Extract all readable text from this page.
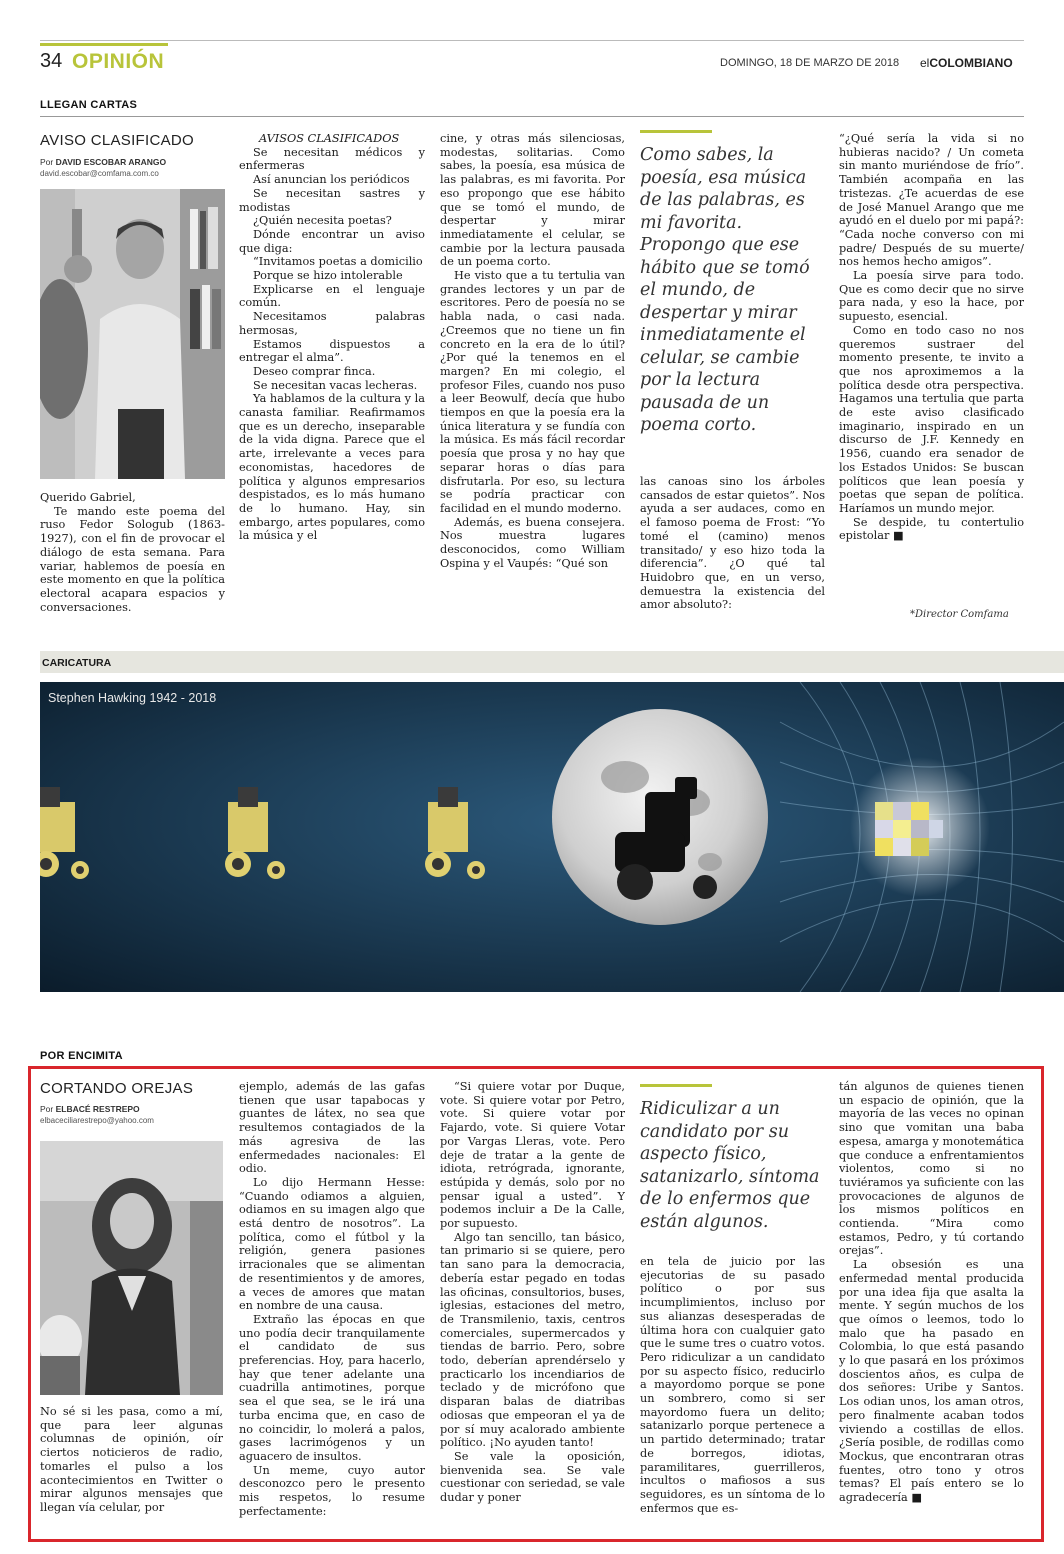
34 OPINIÓN	DOMINGO, 18 DE MARZO DE 2018 elCOLOMBIANO
LLEGAN CARTAS
AVISO CLASIFICADO
Por DAVID ESCOBAR ARANGO
david.escobar@comfama.com.co

Querido Gabriel,

Te mando este poema del ruso Fedor Sologub (1863-1927), con el fin de provocar el diálogo de esta semana. Para variar, hablemos de poesía en este momento en que la política electoral acapara espacios y conversaciones.

AVISOS CLASIFICADOS

Se necesitan médicos y enfermeras

Así anuncian los periódicos

Se necesitan sastres y modistas

¿Quién necesita poetas?

Dónde encontrar un aviso que diga:

“Invitamos poetas a domicilio

Porque se hizo intolerable

Explicarse en el lenguaje común.

Necesitamos palabras hermosas,

Estamos dispuestos a entregar el alma”.

Deseo comprar finca.

Se necesitan vacas lecheras.

Ya hablamos de la cultura y la canasta familiar. Reafirmamos que es un derecho, inseparable de la vida digna. Parece que el arte, irrelevante a veces para economistas, hacedores de política y algunos empresarios despistados, es lo más humano de lo humano. Hay, sin embargo, artes populares, como la música y el

cine, y otras más silenciosas, modestas, solitarias. Como sabes, la poesía, esa música de las palabras, es mi favorita. Por eso propongo que ese hábito que se tomó el mundo, de despertar y mirar inmediatamente el celular, se cambie por la lectura pausada de un poema corto.

He visto que a tu tertulia van grandes lectores y un par de escritores. Pero de poesía no se habla nada, o casi nada. ¿Creemos que no tiene un fin concreto en la era de lo útil? ¿Por qué la tenemos en el margen? En mi colegio, el profesor Files, cuando nos puso a leer Beowulf, decía que hubo tiempos en que la poesía era la única literatura y se fundía con la música. Es más fácil recordar poesía que prosa y no hay que separar horas o días para disfrutarla. Por eso, su lectura se podría practicar con facilidad en el mundo moderno.

Además, es buena consejera. Nos muestra lugares desconocidos, como William Ospina y el Vaupés: “Qué son

Como sabes, la poesía, esa música de las palabras, es mi favorita. Propongo que ese hábito que se tomó el mundo, de despertar y mirar inmediatamente el celular, se cambie por la lectura pausada de un poema corto.

las canoas sino los árboles cansados de estar quietos”. Nos ayuda a ser audaces, como en el famoso poema de Frost: “Yo tomé el (camino) menos transitado/ y eso hizo toda la diferencia”. ¿O qué tal Huidobro que, en un verso, demuestra la existencia del amor absoluto?:

“¿Qué sería la vida si no hubieras nacido? / Un cometa sin manto muriéndose de frío”. También acompaña en las tristezas. ¿Te acuerdas de ese de José Manuel Arango que me ayudó en el duelo por mi papá?: “Cada noche converso con mi padre/ Después de su muerte/ nos hemos hecho amigos”.

La poesía sirve para todo. Que es como decir que no sirve para nada, y eso la hace, por supuesto, esencial.

Como en todo caso no nos queremos sustraer del momento presente, te invito a que nos aproximemos a la política desde otra perspectiva. Hagamos una tertulia que parta de este aviso clasificado imaginario, inspirado en un discurso de J.F. Kennedy en 1956, cuando era senador de los Estados Unidos: Se buscan políticos que lean poesía y poetas que sepan de política. Haríamos un mundo mejor.

Se despide, tu contertulio epistolar ■

*Director Comfama
CARICATURA
Stephen Hawking 1942 - 2018
POR ENCIMITA
CORTANDO OREJAS
Por ELBACÉ RESTREPO
elbaceciliarestrepo@yahoo.com

No sé si les pasa, como a mí, que para leer algunas columnas de opinión, oír ciertos noticieros de radio, tomarles el pulso a los acontecimientos en Twitter o mirar algunos mensajes que llegan vía celular, por

ejemplo, además de las gafas tienen que usar tapabocas y guantes de látex, no sea que resultemos contagiados de la más agresiva de las enfermedades nacionales: El odio.

Lo dijo Hermann Hesse: “Cuando odiamos a alguien, odiamos en su imagen algo que está dentro de nosotros”. La política, como el fútbol y la religión, genera pasiones irracionales que se alimentan de resentimientos y de amores, a veces de amores que matan en nombre de una causa.

Extraño las épocas en que uno podía decir tranquilamente el candidato de sus preferencias. Hoy, para hacerlo, hay que tener adelante una cuadrilla antimotines, porque sea el que sea, se le irá una turba encima que, en caso de no coincidir, lo molerá a palos, gases lacrimógenos y un aguacero de insultos.

Un meme, cuyo autor desconozco pero le presento mis respetos, lo resume perfectamente:

“Si quiere votar por Duque, vote. Si quiere votar por Petro, vote. Si quiere votar por Fajardo, vote. Si quiere Votar por Vargas Lleras, vote. Pero deje de tratar a la gente de idiota, retrógrada, ignorante, estúpida y demás, solo por no pensar igual a usted”. Y podemos incluir a De la Calle, por supuesto.

Algo tan sencillo, tan básico, tan primario si se quiere, pero tan sano para la democracia, debería estar pegado en todas las oficinas, consultorios, buses, iglesias, estaciones del metro, de Transmilenio, taxis, centros comerciales, supermercados y tiendas de barrio. Pero, sobre todo, deberían aprendérselo y practicarlo los incendiarios de teclado y de micrófono que disparan balas de diatribas odiosas que empeoran el ya de por sí muy acalorado ambiente político. ¡No ayuden tanto!

Se vale la oposición, bienvenida sea. Se vale cuestionar con seriedad, se vale dudar y poner

Ridiculizar a un candidato por su aspecto físico, satanizarlo, síntoma de lo enfermos que están algunos.

en tela de juicio por las ejecutorias de su pasado político o por sus incumplimientos, incluso por sus alianzas desesperadas de última hora con cualquier gato que le sume tres o cuatro votos. Pero ridiculizar a un candidato por su aspecto físico, reducirlo a mayordomo porque se pone un sombrero, como si ser mayordomo fuera un delito; satanizarlo porque pertenece a un partido determinado; tratar de borregos, idiotas, paramilitares, guerrilleros, incultos o mafiosos a sus seguidores, es un síntoma de lo enfermos que es-

tán algunos de quienes tienen un espacio de opinión, que la mayoría de las veces no opinan sino que vomitan una baba espesa, amarga y monotemática que conduce a enfrentamientos violentos, como si no tuviéramos ya suficiente con las provocaciones de algunos de los mismos políticos en contienda. “Mira como estamos, Pedro, y tú cortando orejas”.

La obsesión es una enfermedad mental producida por una idea fija que asalta la mente. Y según muchos de los que oímos o leemos, todo lo malo que ha pasado en Colombia, lo que está pasando y lo que pasará en los próximos doscientos años, es culpa de dos señores: Uribe y Santos. Los odian unos, los aman otros, pero finalmente acaban todos viviendo a costillas de ellos. ¿Sería posible, de rodillas como Mockus, que encontraran otras fuentes, otro tono y otros temas? El país entero se lo agradecería ■
